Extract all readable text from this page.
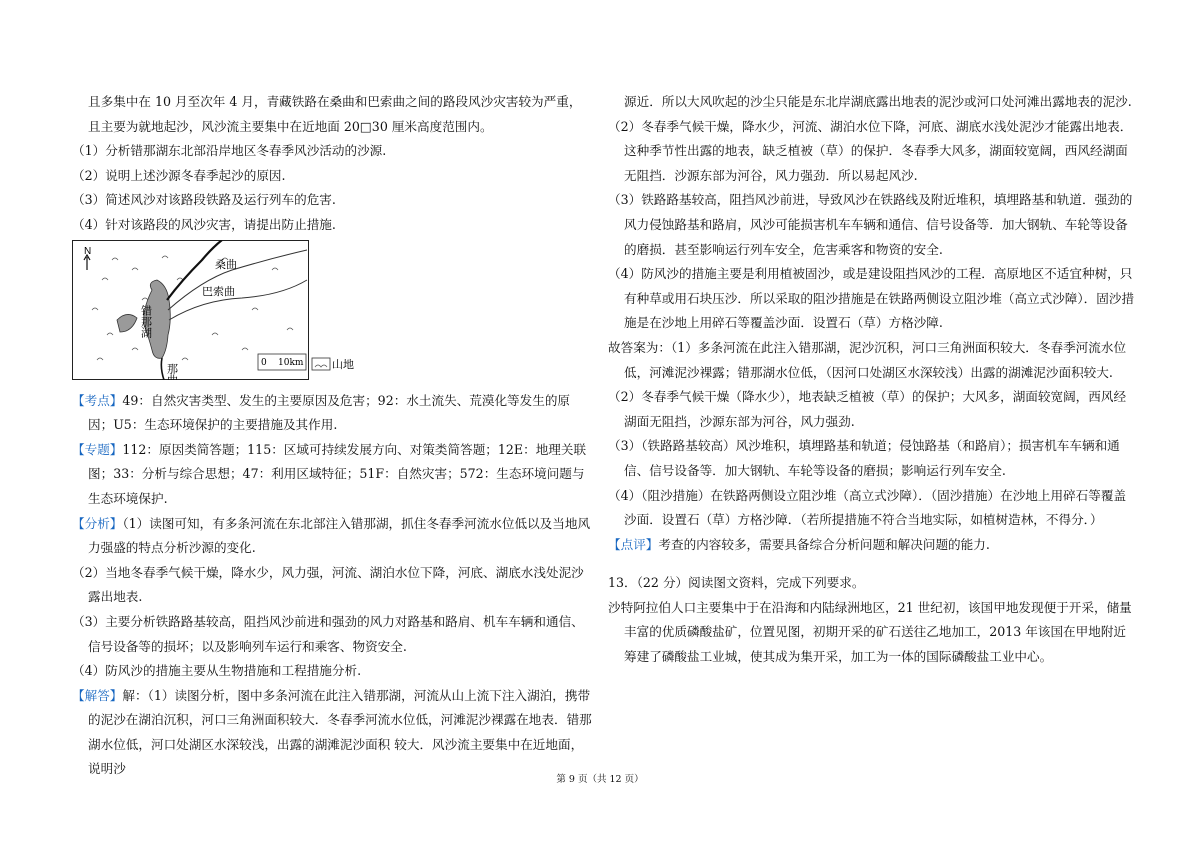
且多集中在 10 月至次年 4 月，青藏铁路在桑曲和巴索曲之间的路段风沙灾害较为严重，且主要为就地起沙，风沙流主要集中在近地面 20□30 厘米高度范围内。

（1）分析错那湖东北部沿岸地区冬春季风沙活动的沙源.

（2）说明上述沙源冬春季起沙的原因.

（3）简述风沙对该路段铁路及运行列车的危害.

（4）针对该路段的风沙灾害，请提出防止措施.

N
桑曲
巴索曲
错那湖
那曲	0 10km	山地

【考点】49：自然灾害类型、发生的主要原因及危害；92：水土流失、荒漠化等发生的原因；U5：生态环境保护的主要措施及其作用.

【专题】112：原因类简答题；115：区域可持续发展方向、对策类简答题；12E：地理关联图；33：分析与综合思想；47：利用区域特征；51F：自然灾害；572：生态环境问题与生态环境保护.

【分析】（1）读图可知，有多条河流在东北部注入错那湖，抓住冬春季河流水位低以及当地风力强盛的特点分析沙源的变化.

（2）当地冬春季气候干燥，降水少，风力强，河流、湖泊水位下降，河底、湖底水浅处泥沙露出地表.

（3）主要分析铁路路基较高，阻挡风沙前进和强劲的风力对路基和路肩、机车车辆和通信、信号设备等的损坏；以及影响列车运行和乘客、物资安全.

（4）防风沙的措施主要从生物措施和工程措施分析.

【解答】解：（1）读图分析，图中多条河流在此注入错那湖，河流从山上流下注入湖泊，携带的泥沙在湖泊沉积，河口三角洲面积较大．冬春季河流水位低，河滩泥沙裸露在地表．错那湖水位低，河口处湖区水深较浅，出露的湖滩泥沙面积 较大．风沙流主要集中在近地面，说明沙

源近．所以大风吹起的沙尘只能是东北岸湖底露出地表的泥沙或河口处河滩出露地表的泥沙.

（2）冬春季气候干燥，降水少，河流、湖泊水位下降，河底、湖底水浅处泥沙才能露出地表．这种季节性出露的地表，缺乏植被（草）的保护．冬春季大风多，湖面较宽阔，西风经湖面无阻挡．沙源东部为河谷，风力强劲．所以易起风沙.

（3）铁路路基较高，阻挡风沙前进，导致风沙在铁路线及附近堆积，填埋路基和轨道．强劲的风力侵蚀路基和路肩，风沙可能损害机车车辆和通信、信号设备等．加大钢轨、车轮等设备的磨损．甚至影响运行列车安全，危害乘客和物资的安全.

（4）防风沙的措施主要是利用植被固沙，或是建设阻挡风沙的工程．高原地区不适宜种树，只有种草或用石块压沙．所以采取的阻沙措施是在铁路两侧设立阻沙堆（高立式沙障）．固沙措施是在沙地上用碎石等覆盖沙面．设置石（草）方格沙障.

故答案为：（1）多条河流在此注入错那湖，泥沙沉积，河口三角洲面积较大．冬春季河流水位低，河滩泥沙裸露；错那湖水位低，（因河口处湖区水深较浅）出露的湖滩泥沙面积较大.

（2）冬春季气候干燥（降水少），地表缺乏植被（草）的保护；大风多，湖面较宽阔，西风经湖面无阻挡，沙源东部为河谷，风力强劲.

（3）（铁路路基较高）风沙堆积，填埋路基和轨道；侵蚀路基（和路肩）；损害机车车辆和通信、信号设备等．加大钢轨、车轮等设备的磨损；影响运行列车安全.

（4）（阻沙措施）在铁路两侧设立阻沙堆（高立式沙障）．（固沙措施）在沙地上用碎石等覆盖沙面．设置石（草）方格沙障．（若所提措施不符合当地实际，如植树造林，不得分．）

【点评】考查的内容较多，需要具备综合分析问题和解决问题的能力.

13．（22 分）阅读图文资料，完成下列要求。

沙特阿拉伯人口主要集中于在沿海和内陆绿洲地区，21 世纪初，该国甲地发现便于开采，储量丰富的优质磷酸盐矿，位置见图，初期开采的矿石送往乙地加工，2013 年该国在甲地附近筹建了磷酸盐工业城，使其成为集开采，加工为一体的国际磷酸盐工业中心。

第 9 页（共 12 页）
